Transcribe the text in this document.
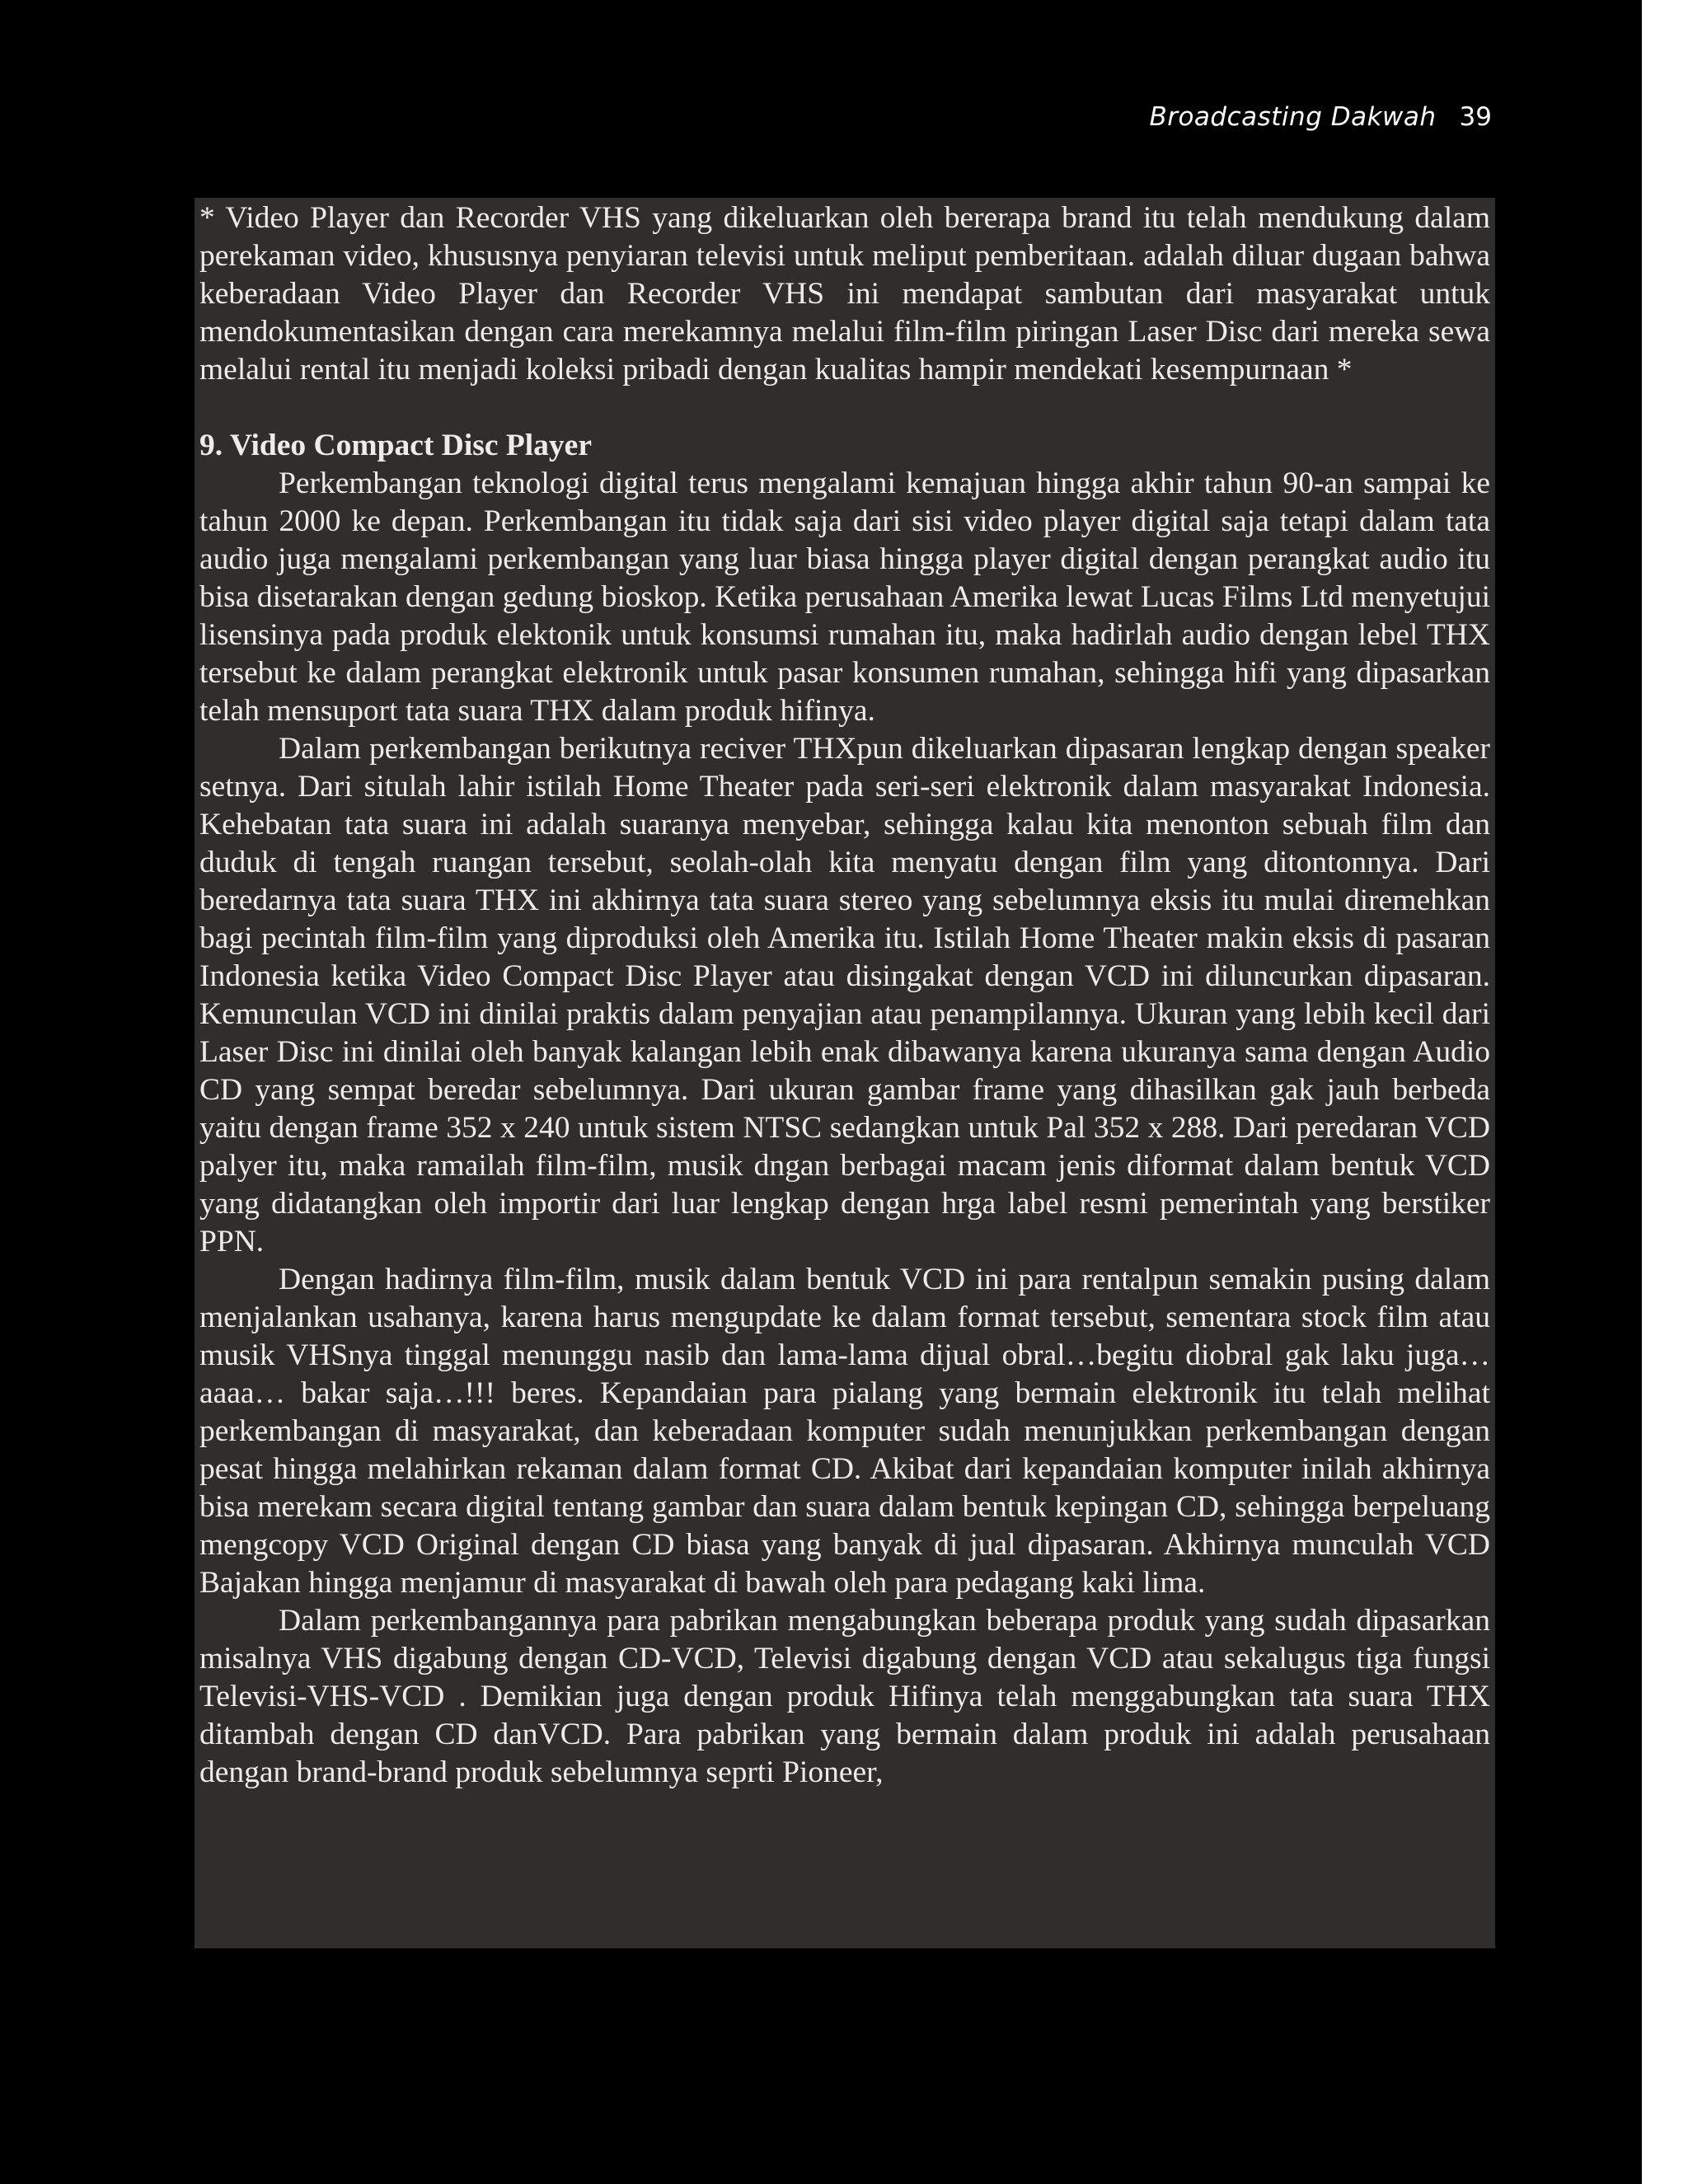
Broadcasting Dakwah 39

* Video Player dan Recorder VHS yang dikeluarkan oleh bererapa brand itu telah mendukung dalam perekaman video, khususnya penyiaran televisi untuk meliput pemberitaan. adalah diluar dugaan bahwa keberadaan Video Player dan Recorder VHS ini mendapat sambutan dari masyarakat untuk mendokumentasikan dengan cara merekamnya melalui film-film piringan Laser Disc dari mereka sewa melalui rental itu menjadi koleksi pribadi dengan kualitas hampir mendekati kesempurnaan *

9. Video Compact Disc Player

Perkembangan teknologi digital terus mengalami kemajuan hingga akhir tahun 90-an sampai ke tahun 2000 ke depan. Perkembangan itu tidak saja dari sisi video player digital saja tetapi dalam tata audio juga mengalami perkembangan yang luar biasa hingga player digital dengan perangkat audio itu bisa disetarakan dengan gedung bioskop. Ketika perusahaan Amerika lewat Lucas Films Ltd menyetujui lisensinya pada produk elektonik untuk konsumsi rumahan itu, maka hadirlah audio dengan lebel THX tersebut ke dalam perangkat elektronik untuk pasar konsumen rumahan, sehingga hifi yang dipasarkan telah mensuport tata suara THX dalam produk hifinya.

Dalam perkembangan berikutnya reciver THXpun dikeluarkan dipasaran lengkap dengan speaker setnya. Dari situlah lahir istilah Home Theater pada seri-seri elektronik dalam masyarakat Indonesia. Kehebatan tata suara ini adalah suaranya menyebar, sehingga kalau kita menonton sebuah film dan duduk di tengah ruangan tersebut, seolah-olah kita menyatu dengan film yang ditontonnya. Dari beredarnya tata suara THX ini akhirnya tata suara stereo yang sebelumnya eksis itu mulai diremehkan bagi pecintah film-film yang diproduksi oleh Amerika itu. Istilah Home Theater makin eksis di pasaran Indonesia ketika Video Compact Disc Player atau disingakat dengan VCD ini diluncurkan dipasaran. Kemunculan VCD ini dinilai praktis dalam penyajian atau penampilannya. Ukuran yang lebih kecil dari Laser Disc ini dinilai oleh banyak kalangan lebih enak dibawanya karena ukuranya sama dengan Audio CD yang sempat beredar sebelumnya. Dari ukuran gambar frame yang dihasilkan gak jauh berbeda yaitu dengan frame 352 x 240 untuk sistem NTSC sedangkan untuk Pal 352 x 288. Dari peredaran VCD palyer itu, maka ramailah film-film, musik dngan berbagai macam jenis diformat dalam bentuk VCD yang didatangkan oleh importir dari luar lengkap dengan hrga label resmi pemerintah yang berstiker PPN.

Dengan hadirnya film-film, musik dalam bentuk VCD ini para rentalpun semakin pusing dalam menjalankan usahanya, karena harus mengupdate ke dalam format tersebut, sementara stock film atau musik VHSnya tinggal menunggu nasib dan lama-lama dijual obral…begitu diobral gak laku juga…aaaa… bakar saja…!!! beres. Kepandaian para pialang yang bermain elektronik itu telah melihat perkembangan di masyarakat, dan keberadaan komputer sudah menunjukkan perkembangan dengan pesat hingga melahirkan rekaman dalam format CD. Akibat dari kepandaian komputer inilah akhirnya bisa merekam secara digital tentang gambar dan suara dalam bentuk kepingan CD, sehingga berpeluang mengcopy VCD Original dengan CD biasa yang banyak di jual dipasaran. Akhirnya munculah VCD Bajakan hingga menjamur di masyarakat di bawah oleh para pedagang kaki lima.

Dalam perkembangannya para pabrikan mengabungkan beberapa produk yang sudah dipasarkan misalnya VHS digabung dengan CD-VCD, Televisi digabung dengan VCD atau sekalugus tiga fungsi Televisi-VHS-VCD . Demikian juga dengan produk Hifinya telah menggabungkan tata suara THX ditambah dengan CD danVCD. Para pabrikan yang bermain dalam produk ini adalah perusahaan dengan brand-brand produk sebelumnya seprti Pioneer,
